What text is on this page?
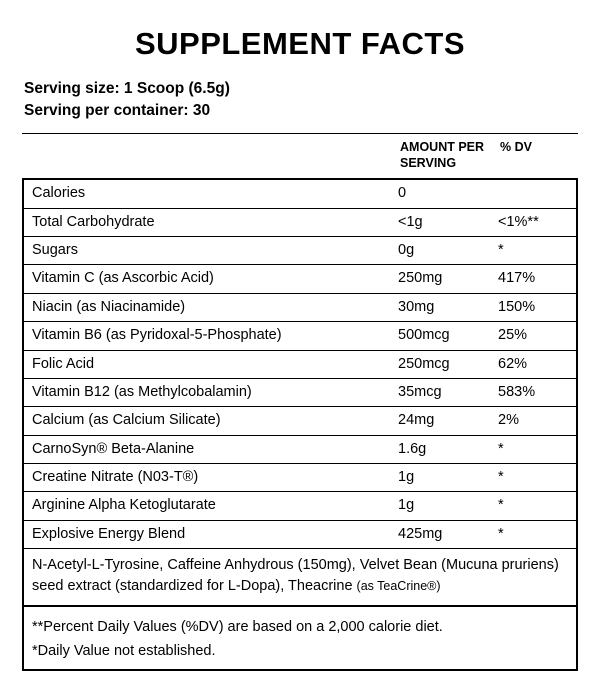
SUPPLEMENT FACTS
Serving size: 1 Scoop (6.5g)
Serving per container: 30
AMOUNT PER SERVING
% DV
Calories	0
Total Carbohydrate	<1g	<1%**
Sugars	0g	*
Vitamin C (as Ascorbic Acid)	250mg	417%
Niacin (as Niacinamide)	30mg	150%
Vitamin B6 (as Pyridoxal-5-Phosphate)	500mcg	25%
Folic Acid	250mcg	62%
Vitamin B12 (as Methylcobalamin)	35mcg	583%
Calcium (as Calcium Silicate)	24mg	2%
CarnoSyn® Beta-Alanine	1.6g	*
Creatine Nitrate (N03-T®)	1g	*
Arginine Alpha Ketoglutarate	1g	*
Explosive Energy Blend	425mg	*
N-Acetyl-L-Tyrosine, Caffeine Anhydrous (150mg), Velvet Bean (Mucuna pruriens) seed extract (standardized for L-Dopa), Theacrine (as TeaCrine®)
**Percent Daily Values (%DV) are based on a 2,000 calorie diet.
*Daily Value not established.
